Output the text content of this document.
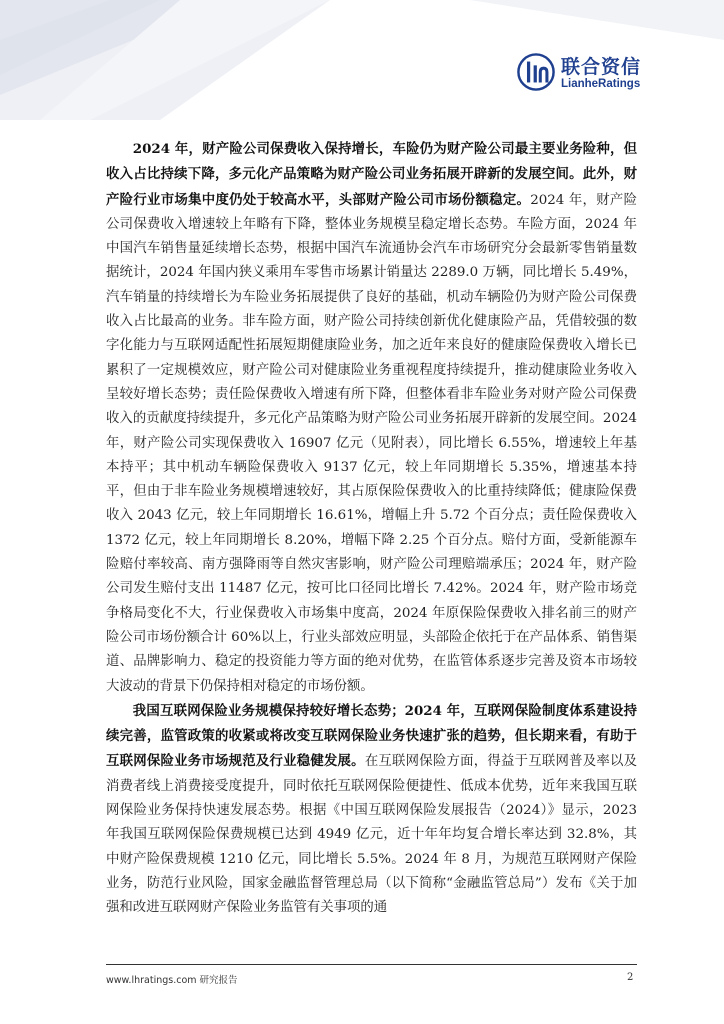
联合资信
LianheRatings

2024 年，财产险公司保费收入保持增长，车险仍为财产险公司最主要业务险种，但收入占比持续下降，多元化产品策略为财产险公司业务拓展开辟新的发展空间。此外，财产险行业市场集中度仍处于较高水平，头部财产险公司市场份额稳定。2024 年，财产险公司保费收入增速较上年略有下降，整体业务规模呈稳定增长态势。车险方面，2024 年中国汽车销售量延续增长态势，根据中国汽车流通协会汽车市场研究分会最新零售销量数据统计，2024 年国内狭义乘用车零售市场累计销量达 2289.0 万辆，同比增长 5.49%，汽车销量的持续增长为车险业务拓展提供了良好的基础，机动车辆险仍为财产险公司保费收入占比最高的业务。非车险方面，财产险公司持续创新优化健康险产品，凭借较强的数字化能力与互联网适配性拓展短期健康险业务，加之近年来良好的健康险保费收入增长已累积了一定规模效应，财产险公司对健康险业务重视程度持续提升，推动健康险业务收入呈较好增长态势；责任险保费收入增速有所下降，但整体看非车险业务对财产险公司保费收入的贡献度持续提升，多元化产品策略为财产险公司业务拓展开辟新的发展空间。2024 年，财产险公司实现保费收入 16907 亿元（见附表），同比增长 6.55%，增速较上年基本持平；其中机动车辆险保费收入 9137 亿元，较上年同期增长 5.35%，增速基本持平，但由于非车险业务规模增速较好，其占原保险保费收入的比重持续降低；健康险保费收入 2043 亿元，较上年同期增长 16.61%，增幅上升 5.72 个百分点；责任险保费收入 1372 亿元，较上年同期增长 8.20%，增幅下降 2.25 个百分点。赔付方面，受新能源车险赔付率较高、南方强降雨等自然灾害影响，财产险公司理赔端承压；2024 年，财产险公司发生赔付支出 11487 亿元，按可比口径同比增长 7.42%。2024 年，财产险市场竞争格局变化不大，行业保费收入市场集中度高，2024 年原保险保费收入排名前三的财产险公司市场份额合计 60%以上，行业头部效应明显，头部险企依托于在产品体系、销售渠道、品牌影响力、稳定的投资能力等方面的绝对优势，在监管体系逐步完善及资本市场较大波动的背景下仍保持相对稳定的市场份额。

我国互联网保险业务规模保持较好增长态势；2024 年，互联网保险制度体系建设持续完善，监管政策的收紧或将改变互联网保险业务快速扩张的趋势，但长期来看，有助于互联网保险业务市场规范及行业稳健发展。在互联网保险方面，得益于互联网普及率以及消费者线上消费接受度提升，同时依托互联网保险便捷性、低成本优势，近年来我国互联网保险业务保持快速发展态势。根据《中国互联网保险发展报告（2024）》显示，2023 年我国互联网保险保费规模已达到 4949 亿元，近十年年均复合增长率达到 32.8%，其中财产险保费规模 1210 亿元，同比增长 5.5%。2024 年 8 月，为规范互联网财产保险业务，防范行业风险，国家金融监督管理总局（以下简称“金融监管总局”）发布《关于加强和改进互联网财产保险业务监管有关事项的通

www.lhratings.com 研究报告	2
